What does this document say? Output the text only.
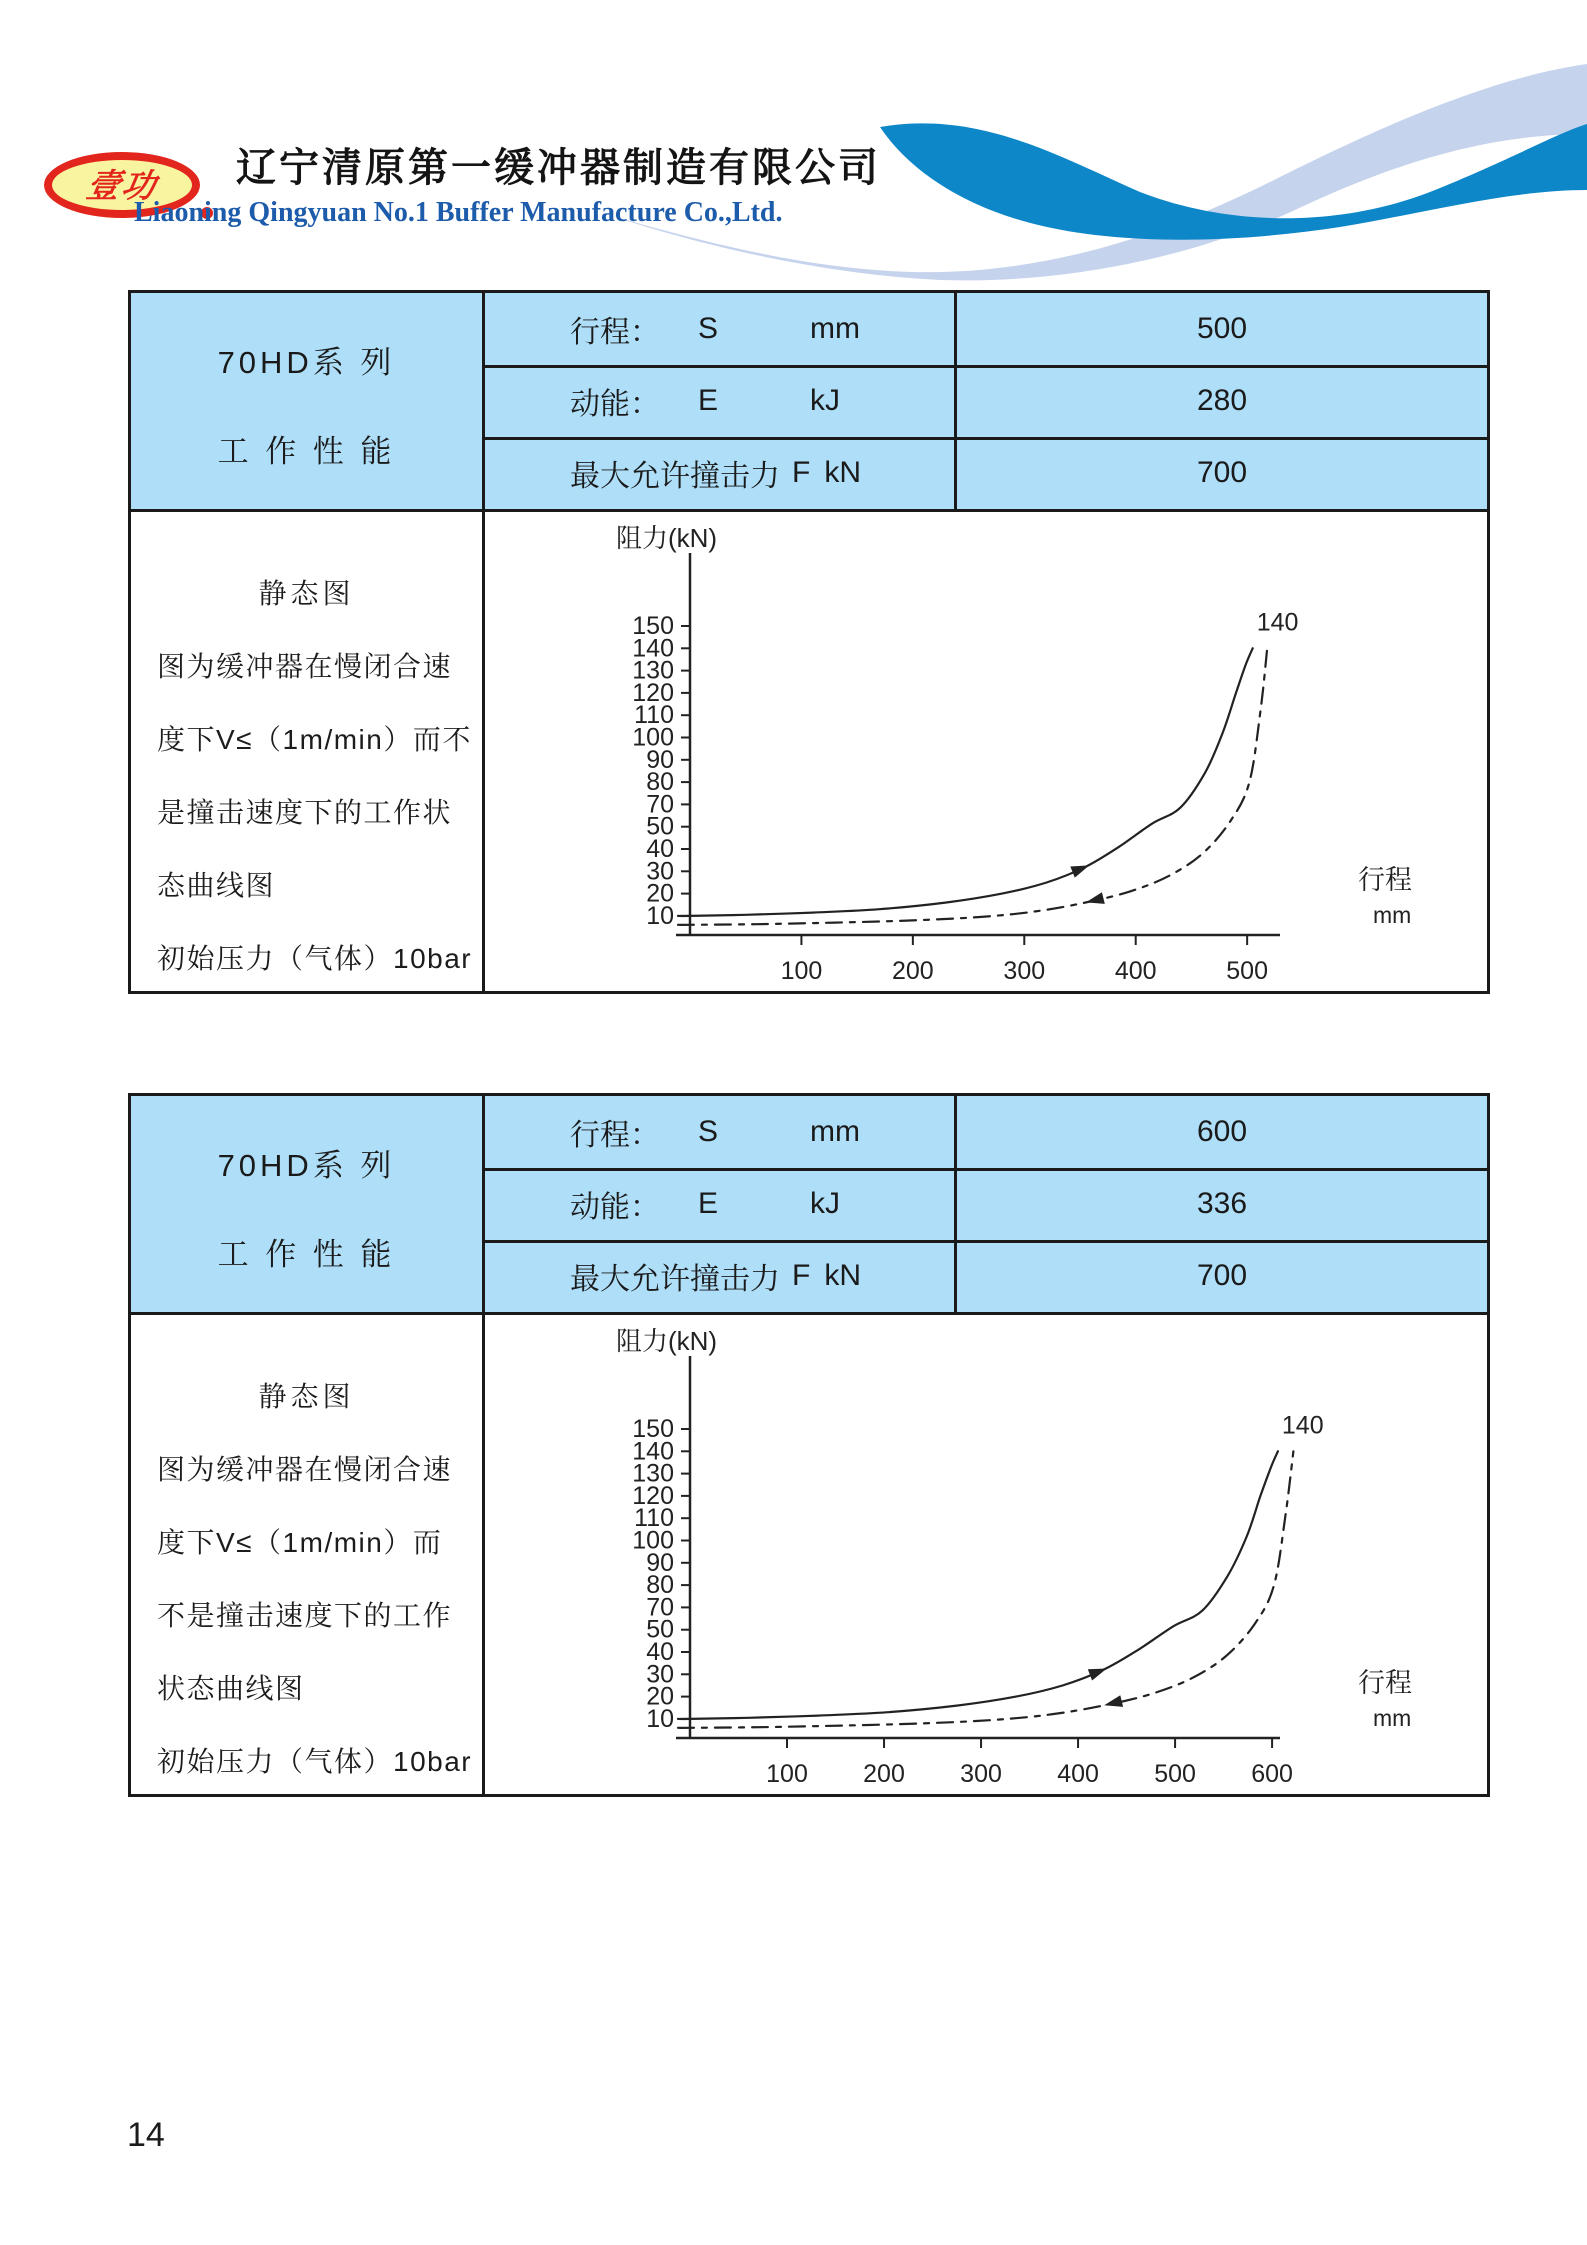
壹功 辽宁清原第一缓冲器制造有限公司
Liaoning Qingyuan No.1 Buffer Manufacture Co.,Ltd.
70HD系 列
工 作 性 能
行程： S	mm	500
动能： E	kJ	280
最大允许撞击力 F kN	700
静态图
图为缓冲器在慢闭合速
度下V≤（1m/min）而不
是撞击速度下的工作状
态曲线图
初始压力（气体）10bar
阻力(kN)
150
140
130
120
110
100
90
80
70
50
40
30
20
10
100	200	300	400	500
行程
mm
140
70HD系 列
工 作 性 能
行程： S	mm	600
动能： E	kJ	336
最大允许撞击力 F kN	700
静态图
图为缓冲器在慢闭合速
度下V≤（1m/min）而
不是撞击速度下的工作
状态曲线图
初始压力（气体）10bar
阻力(kN)
150
140
130
120
110
100
90
80
70
50
40
30
20
10
100 200 300 400 500 600
行程
mm
140
14
